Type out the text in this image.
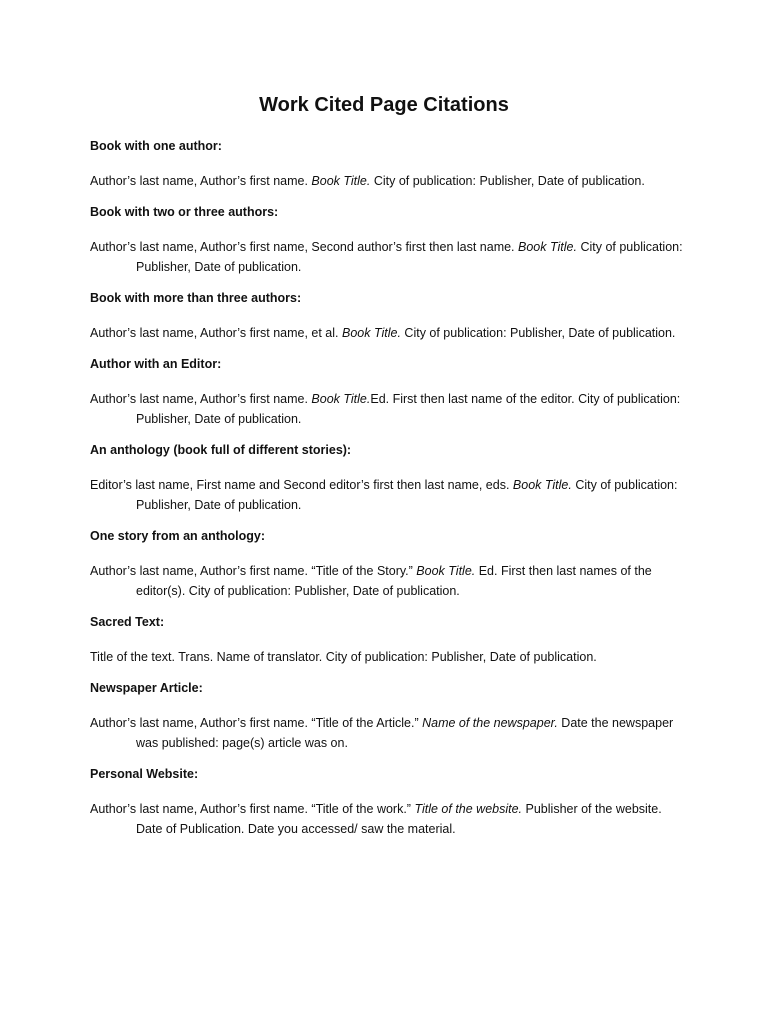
Work Cited Page Citations

Book with one author:

Author’s last name, Author’s first name. Book Title. City of publication: Publisher, Date of publication.

Book with two or three authors:

Author’s last name, Author’s first name, Second author’s first then last name. Book Title. City of publication: Publisher, Date of publication.

Book with more than three authors:

Author’s last name, Author’s first name, et al. Book Title. City of publication: Publisher, Date of publication.

Author with an Editor:

Author’s last name, Author’s first name. Book Title.Ed. First then last name of the editor. City of publication: Publisher, Date of publication.

An anthology (book full of different stories):

Editor’s last name, First name and Second editor’s first then last name, eds. Book Title. City of publication: Publisher, Date of publication.

One story from an anthology:

Author’s last name, Author’s first name. “Title of the Story.” Book Title. Ed. First then last names of the editor(s). City of publication: Publisher, Date of publication.

Sacred Text:

Title of the text. Trans. Name of translator. City of publication: Publisher, Date of publication.

Newspaper Article:

Author’s last name, Author’s first name. “Title of the Article.” Name of the newspaper. Date the newspaper was published: page(s) article was on.

Personal Website:

Author’s last name, Author’s first name. “Title of the work.” Title of the website. Publisher of the website. Date of Publication. Date you accessed/ saw the material.
